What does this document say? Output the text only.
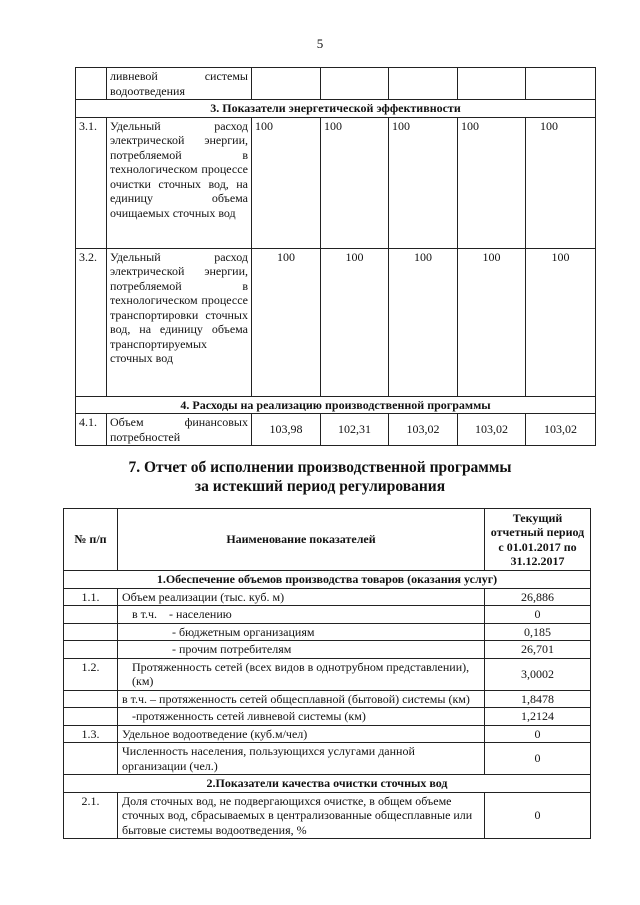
5
	ливневой системы водоотведения					
3. Показатели энергетической эффективности						
3.1.	Удельный расход электрической энергии, потребляемой в технологическом процессе очистки сточных вод, на единицу объема очищаемых сточных вод	100	100	100	100	100
3.2.	Удельный расход электрической энергии, потребляемой в технологическом процессе транспортировки сточных вод, на единицу объема транспортируемых сточных вод	100	100	100	100	100
4. Расходы на реализацию производственной программы						
4.1.	Объем финансовых потребностей	103,98	102,31	103,02	103,02	103,02
7. Отчет об исполнении производственной программы
за истекший период регулирования
№ п/п	Наименование показателей	Текущий отчетный период с 01.01.2017 по 31.12.2017
1.Обеспечение объемов производства товаров (оказания услуг)		
1.1.	Объем реализации (тыс. куб. м)	26,886
	в т.ч.    - населению	0
	- бюджетным организациям	0,185
	- прочим потребителям	26,701
1.2.	Протяженность сетей (всех видов в однотрубном представлении), (км)	3,0002
	в т.ч. – протяженность сетей общесплавной (бытовой) системы (км)	1,8478
	-протяженность сетей ливневой системы (км)	1,2124
1.3.	Удельное водоотведение (куб.м/чел)	0
	Численность населения, пользующихся услугами данной организации (чел.)	0
2.Показатели качества очистки сточных вод		
2.1.	Доля сточных вод, не подвергающихся очистке, в общем объеме сточных вод, сбрасываемых в централизованные общесплавные или бытовые системы водоотведения, %	0
